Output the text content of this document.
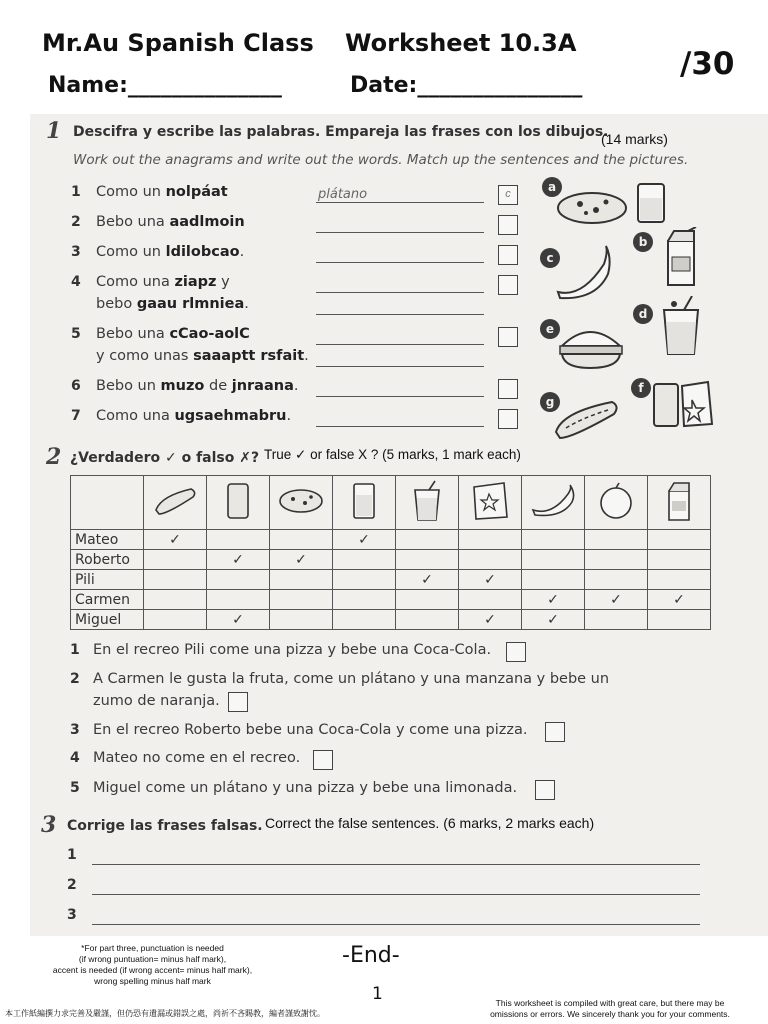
Mr.Au Spanish Class Worksheet 10.3A
/30
Name:______________	Date:_______________
1 Descifra y escribe las palabras. Empareja las frases con los dibujos.
(14 marks)
Work out the anagrams and write out the words. Match up the sentences and the pictures.
1 Como un nolpáat	plátano	c
2 Bebo una aadlmoin
3 Como un ldilobcao.
4 Como una ziapz y
bebo gaau rlmniea.
5 Bebo una cCao-aolC
y como unas saaaptt rsfait.
6 Bebo un muzo de jnraana.
7 Como una ugsaehmabru.
a
b
c
d
e
f
g
2 ¿Verdadero ✓ o falso ✗? True ✓ or false X ? (5 marks, 1 mark each)

Mateo	✓			✓					
Roberto		✓	✓						
Pili					✓	✓			
Carmen							✓	✓	✓
Miguel		✓				✓	✓		
1 En el recreo Pili come una pizza y bebe una Coca-Cola.
2 A Carmen le gusta la fruta, come un plátano y una manzana y bebe un
zumo de naranja.
3 En el recreo Roberto bebe una Coca-Cola y come una pizza.
4 Mateo no come en el recreo.
5 Miguel come un plátano y una pizza y bebe una limonada.
3 Corrige las frases falsas. Correct the false sentences. (6 marks, 2 marks each)
1
2
3
*For part three, punctuation is needed
(if wrong puntuation= minus half mark),
accent is needed (if wrong accent= minus half mark),
wrong spelling minus half mark
-End-
1
本工作紙編撰力求完善及嚴謹，但仍恐有遺漏或錯誤之處，尚祈不吝賜教，編者謹致謝忱。
This worksheet is compiled with great care, but there may be
omissions or errors. We sincerely thank you for your comments.
